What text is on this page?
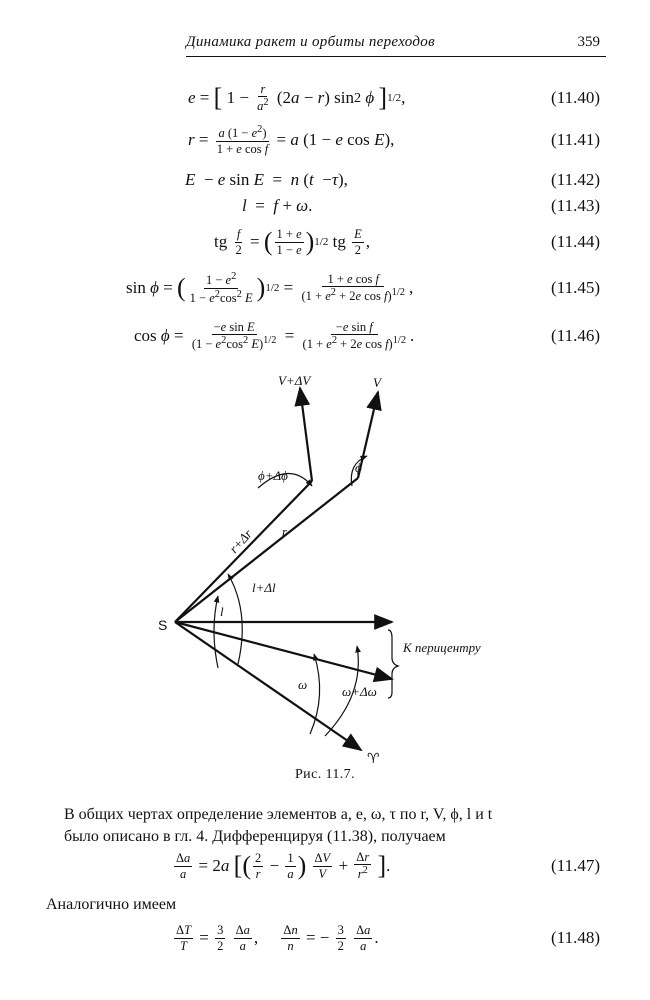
Динамика ракет и орбиты переходов	359
e = [ 1 − r
$a^2$ (2 a − r ) sin 2
ϕ
] 1/2 ,	(11.40)
r = a $(1 - e^2)$
1 + e cos f = a (1 − e cos E ),	(11.41)
E − e sin E = n ( t − τ ),	(11.42)
l = f + ω .	(11.43)
tg f
2 = ( 1 + e
1 − e ) 1/2 tg E
2 ,	(11.44)
sin ϕ = ( $1 - e^2$
$1 - e^2\cos^2$ E ) 1/2 = 1 + e cos f
($1 + e^2 + 2e$ cos f)$^{1/2}$ ,	(11.45)
cos ϕ = −e sin E
($1 - e^2\cos^2$ E)$^{1/2}$ =	−e sin f
($1 + e^2 + 2e$ cos f)$^{1/2}$ .	(11.46)
V+ΔV	V
ϕ+Δϕ
ϕ
r+Δr r
l+Δl
l
К перицентру
ω	ω+Δω
S
♈
Рис. 11.7.
В общих чертах определение элементов a, e, ω, τ по r, V, ϕ, l и t
было описано в гл. 4. Дифференцируя (11.38), получаем
Δa
a = 2 a
[ ( 2
r − 1
a )
ΔV
V + Δr
$r^2$
] .	(11.47)
Аналогично имеем
ΔT
T = 3
2

Δa
a , Δn
n = − 3
2

Δa
a .	(11.48)
